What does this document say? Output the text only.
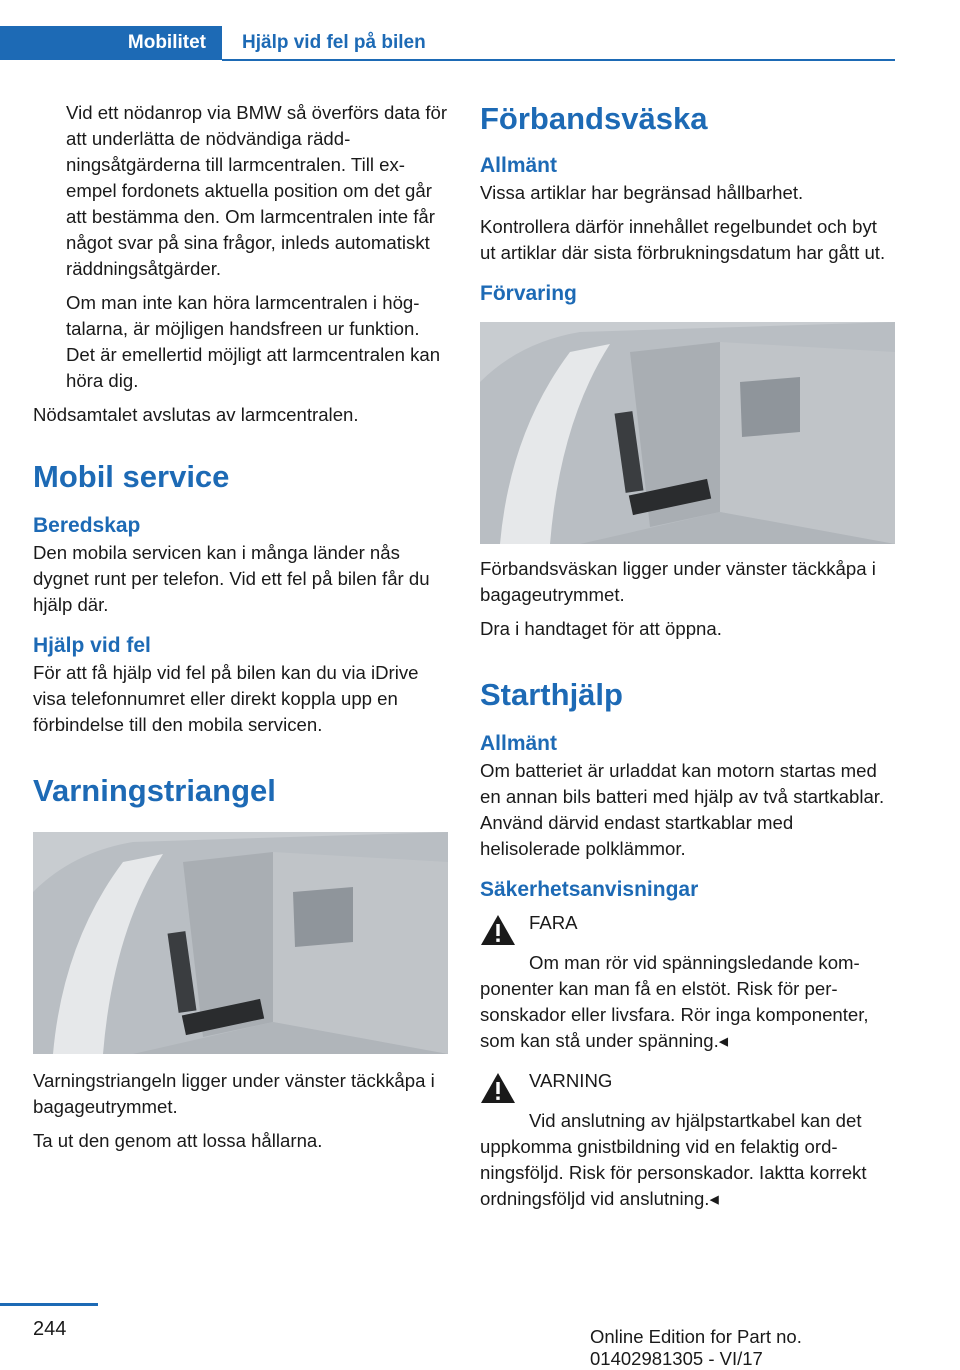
Mobilitet	Hjälp vid fel på bilen

Vid ett nödanrop via BMW så överförs data för att underlätta de nödvändiga räddningsåtgärderna till larmcentralen. Till exempel fordonets aktuella position om det går att bestämma den. Om larmcentralen inte får något svar på sina frågor, inleds automatiskt räddningsåtgärder.

Om man inte kan höra larmcentralen i högtalarna, är möjligen handsfreen ur funktion. Det är emellertid möjligt att larmcentralen kan höra dig.

Nödsamtalet avslutas av larmcentralen.

Mobil service
Beredskap

Den mobila servicen kan i många länder nås dygnet runt per telefon. Vid ett fel på bilen får du hjälp där.

Hjälp vid fel

För att få hjälp vid fel på bilen kan du via iDrive visa telefonnumret eller direkt koppla upp en förbindelse till den mobila servicen.

Varningstriangel

Varningstriangeln ligger under vänster täckkåpa i bagageutrymmet.

Ta ut den genom att lossa hållarna.

Förbandsväska
Allmänt

Vissa artiklar har begränsad hållbarhet.

Kontrollera därför innehållet regelbundet och byt ut artiklar där sista förbrukningsdatum har gått ut.

Förvaring

Förbandsväskan ligger under vänster täckkåpa i bagageutrymmet.

Dra i handtaget för att öppna.

Starthjälp
Allmänt

Om batteriet är urladdat kan motorn startas med en annan bils batteri med hjälp av två startkablar. Använd därvid endast startkablar med helisolerade polklämmor.

Säkerhetsanvisningar
FARA
Om man rör vid spänningsledande komponenter kan man få en elstöt. Risk för personskador eller livsfara. Rör inga komponenter, som kan stå under spänning.◂
VARNING
Vid anslutning av hjälpstartkabel kan det uppkomma gnistbildning vid en felaktig ordningsföljd. Risk för personskador. Iaktta korrekt ordningsföljd vid anslutning.◂
244	Online Edition for Part no. 01402981305 - VI/17
